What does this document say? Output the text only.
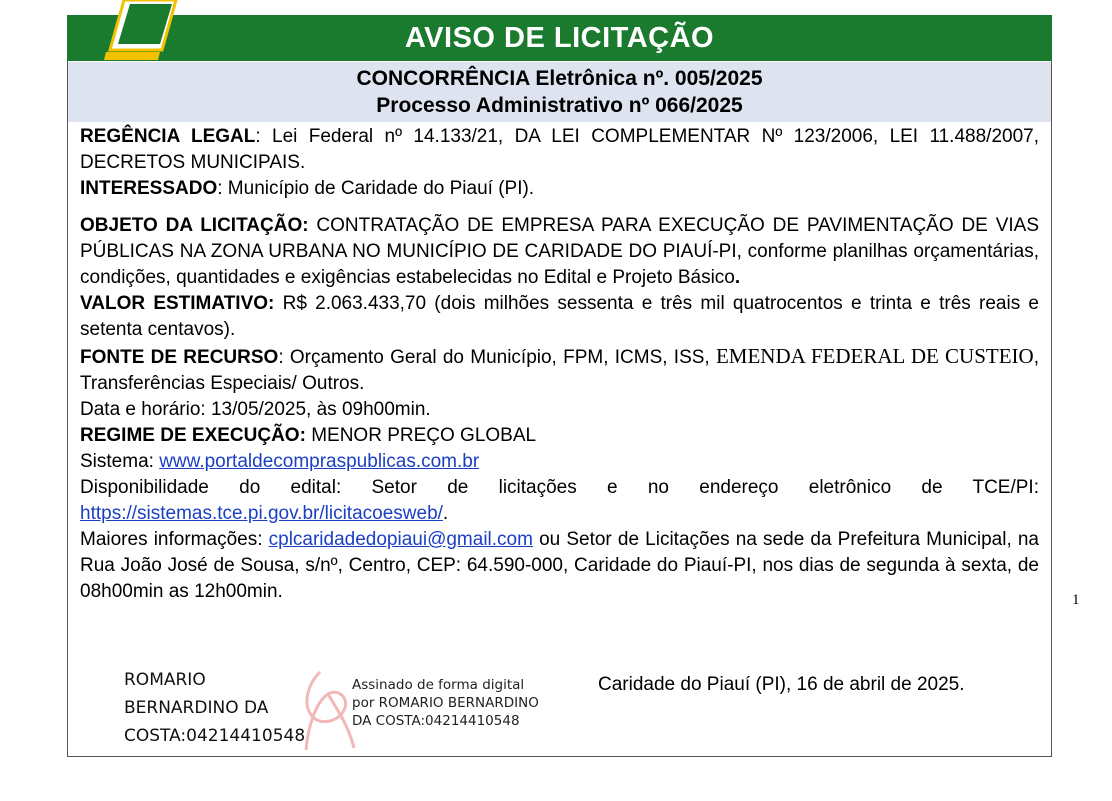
AVISO DE LICITAÇÃO
CONCORRÊNCIA Eletrônica nº. 005/2025
Processo Administrativo nº 066/2025

REGÊNCIA LEGAL: Lei Federal nº 14.133/21, DA LEI COMPLEMENTAR Nº 123/2006, LEI 11.488/2007, DECRETOS MUNICIPAIS.

INTERESSADO: Município de Caridade do Piauí (PI).

OBJETO DA LICITAÇÃO: CONTRATAÇÃO DE EMPRESA PARA EXECUÇÃO DE PAVIMENTAÇÃO DE VIAS PÚBLICAS NA ZONA URBANA NO MUNICÍPIO DE CARIDADE DO PIAUÍ-PI, conforme planilhas orçamentárias, condições, quantidades e exigências estabelecidas no Edital e Projeto Básico.

VALOR ESTIMATIVO: R$ 2.063.433,70 (dois milhões sessenta e três mil quatrocentos e trinta e três reais e setenta centavos).

FONTE DE RECURSO: Orçamento Geral do Município, FPM, ICMS, ISS, EMENDA FEDERAL DE CUSTEIO, Transferências Especiais/ Outros.

Data e horário: 13/05/2025, às 09h00min.

REGIME DE EXECUÇÃO: MENOR PREÇO GLOBAL

Sistema: www.portaldecompraspublicas.com.br

Disponibilidade do edital: Setor de licitações e no endereço eletrônico de TCE/PI: https://sistemas.tce.pi.gov.br/licitacoesweb/.

Maiores informações: cplcaridadedopiaui@gmail.com ou Setor de Licitações na sede da Prefeitura Municipal, na Rua João José de Sousa, s/nº, Centro, CEP: 64.590-000, Caridade do Piauí-PI, nos dias de segunda à sexta, de 08h00min as 12h00min.	1
ROMARIO
BERNARDINO DA
COSTA:04214410548
Assinado de forma digital
por ROMARIO BERNARDINO
DA COSTA:04214410548
Caridade do Piauí (PI), 16 de abril de 2025.
